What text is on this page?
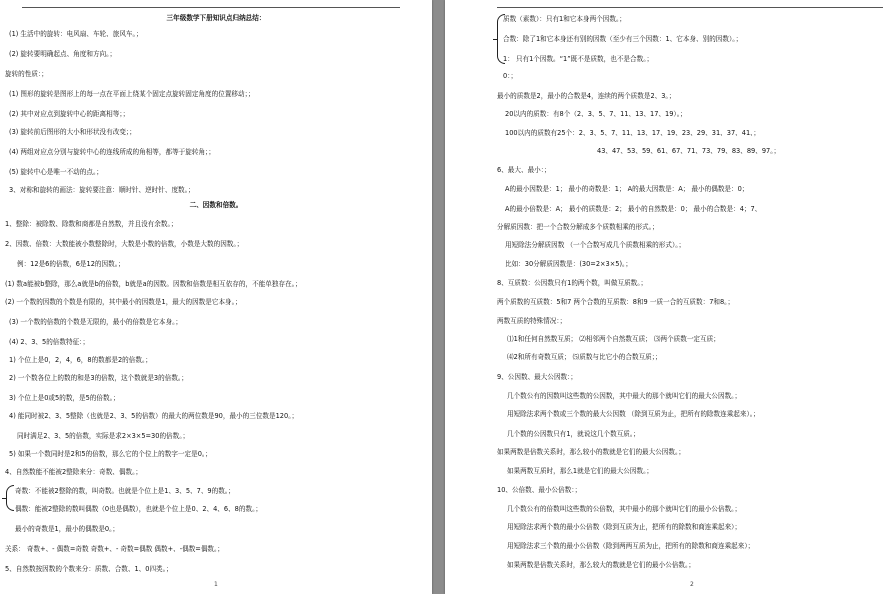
三年级数学下册知识点归纳总结：
(1) 生活中的旋转：电风扇、车轮、旅风车。；
(2) 旋转要明确起点、角度和方向。；
旋转的性质：；
(1) 图形的旋转是图形上的每一点在平面上绕某个固定点旋转固定角度的位置移动；；
(2) 其中对应点到旋转中心的距离相等；；
(3) 旋转前后图形的大小和形状没有改变；；
(4) 两组对应点分别与旋转中心的连线所成的角相等，都等于旋转角；；
(5) 旋转中心是唯一不动的点。；
3、对称和旋转的画法：旋转要注意：顺时针、逆时针、度数。；
二、因数和倍数。
1、整除：被除数、除数和商都是自然数，并且没有余数。；
2、因数、倍数：大数能被小数整除时，大数是小数的倍数，小数是大数的因数。；
例：12是6的倍数，6是12的因数。；
(1) 数a能被b整除，那么a就是b的倍数，b就是a的因数。因数和倍数是相互依存的，不能单独存在。；
(2) 一个数的因数的个数是有限的，其中最小的因数是1，最大的因数是它本身。；
(3) 一个数的倍数的个数是无限的，最小的倍数是它本身。；
(4) 2、3、5的倍数特征：；
1) 个位上是0，2，4，6，8的数都是2的倍数。；
2) 一个数各位上的数的和是3的倍数，这个数就是3的倍数。；
3) 个位上是0或5的数，是5的倍数。；
4) 能同时被2、3、5整除（也就是2、3、5的倍数）的最大的两位数是90，最小的三位数是120。；
同时满足2、3、5的倍数，实际是求2×3×5=30的倍数。；
5) 如果一个数同时是2和5的倍数，那么它的个位上的数字一定是0。；
4、自然数能不能被2整除来分：奇数、偶数。；
奇数：不能被2整除的数，叫奇数。也就是个位上是1、3、5、7、9的数。；
偶数：能被2整除的数叫偶数（0也是偶数），也就是个位上是0、2、4、6、8的数。；
最小的奇数是1，最小的偶数是0。；
关系： 奇数+、- 偶数=奇数 奇数+、- 奇数=偶数 偶数+、-偶数=偶数。；
5、自然数按因数的个数来分：质数、合数、1、0四类。；
1
质数（素数）：只有1和它本身两个因数。；
合数：除了1和它本身还有别的因数（至少有三个因数：1、它本身、别的因数）。；
1： 只有1个因数。“1”既不是质数，也不是合数。；
0：；
最小的质数是2，最小的合数是4，连续的两个质数是2、3。；
20以内的质数：有8个（2、3、5、7、11、13、17、19）。；
100以内的质数有25个：2、3、5、7、11、13、17、19、23、29、31、37、41、；
43、47、53、59、61、67、71、73、79、83、89、97。；
6、最大、最小：；
A的最小因数是：1； 最小的奇数是：1； A的最大因数是：A； 最小的偶数是：0；
A的最小倍数是：A； 最小的质数是：2； 最小的自然数是：0； 最小的合数是：4；7、
分解质因数：把一个合数分解成多个质数相乘的形式。；
用短除法分解质因数 （一个合数写成几个质数相乘的形式）。；
比如：30分解质因数是：(30=2×3×5)。；
8、互质数：公因数只有1的两个数，叫做互质数。；
两个质数的互质数：5和7 两个合数的互质数：8和9 一质一合的互质数：7和8。；
两数互质的特殊情况：；
⑴1和任何自然数互质； ⑵相邻两个自然数互质； ⑶两个质数一定互质；
⑷2和所有奇数互质； ⑸质数与比它小的合数互质；；
9、公因数、最大公因数：；
几个数公有的因数叫这些数的公因数，其中最大的那个就叫它们的最大公因数。；
用短除法求两个数或三个数的最大公因数 （除到互质为止，把所有的除数连乘起来）。；
几个数的公因数只有1，就说这几个数互质。；
如果两数是倍数关系时，那么较小的数就是它们的最大公因数。；
如果两数互质时，那么1就是它们的最大公因数。；
10、公倍数、最小公倍数：；
几个数公有的倍数叫这些数的公倍数，其中最小的那个就叫它们的最小公倍数。；
用短除法求两个数的最小公倍数（除到互质为止，把所有的除数和商连乘起来）；
用短除法求三个数的最小公倍数（除到两两互质为止，把所有的除数和商连乘起来）；
如果两数是倍数关系时，那么较大的数就是它们的最小公倍数。；
2
